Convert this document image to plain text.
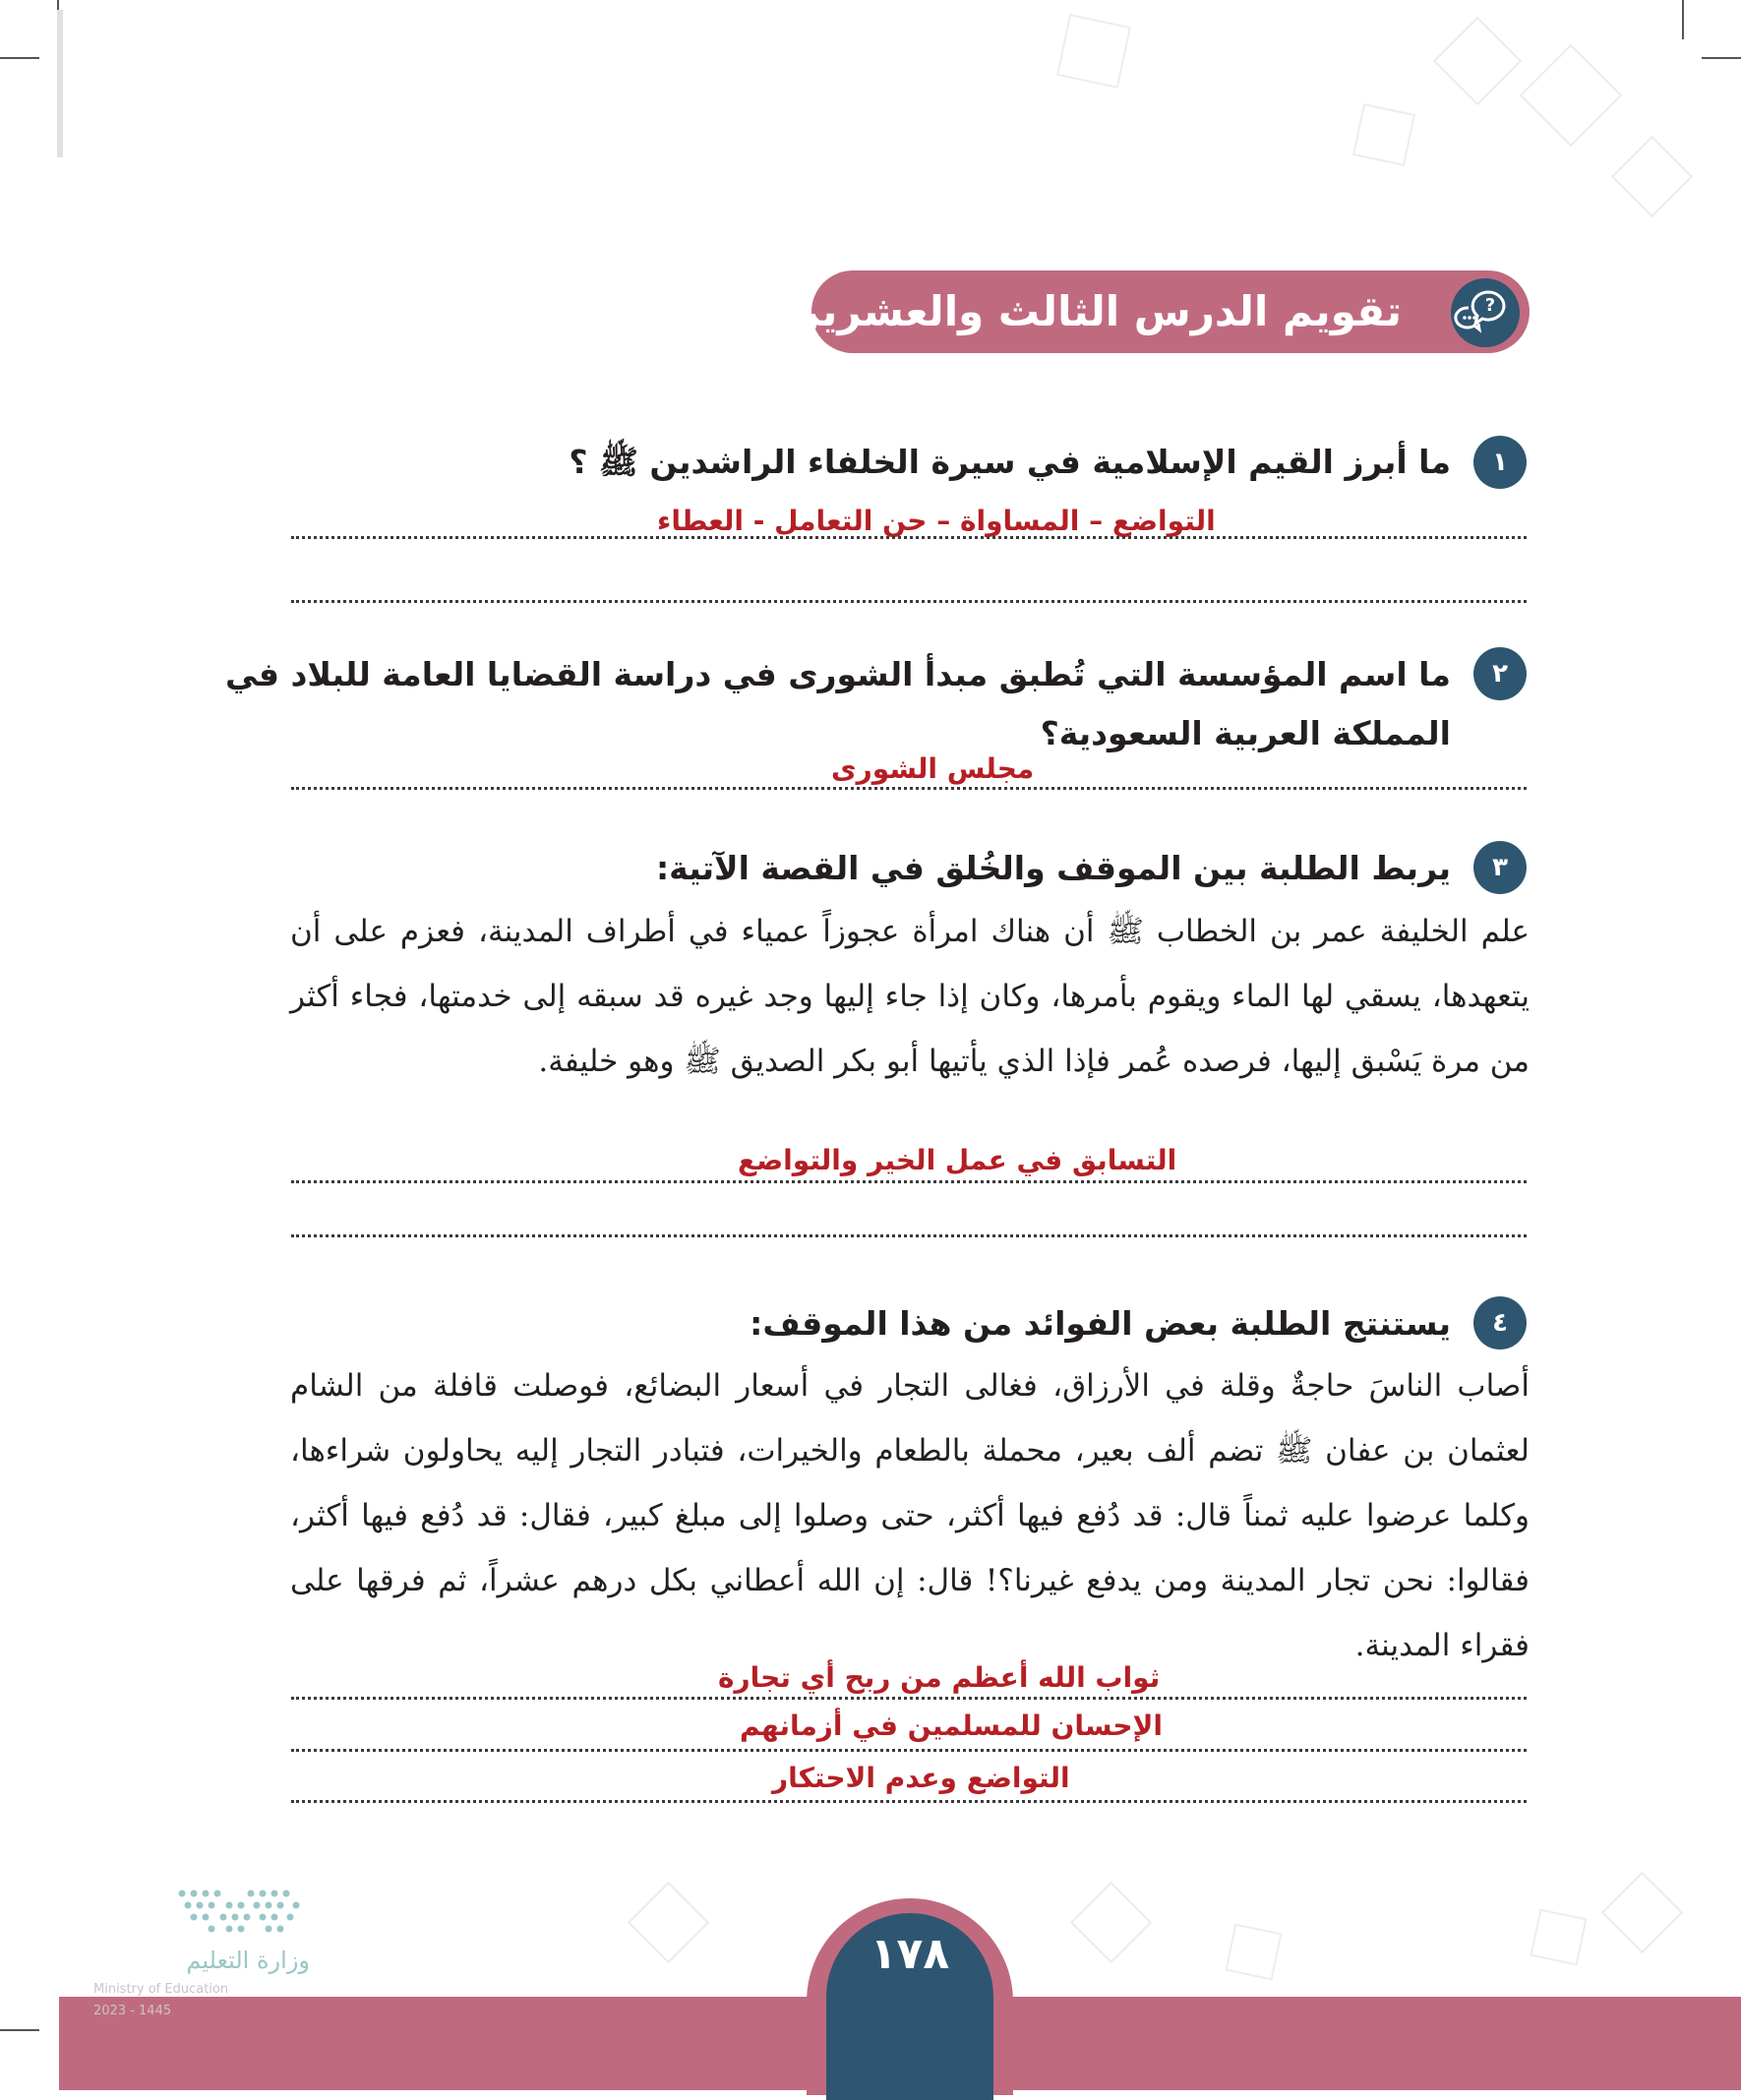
تقويم الدرس الثالث والعشرين	?
١
ما أبرز القيم الإسلامية في سيرة الخلفاء الراشدين ﷺ ؟
التواضع – المساواة – حن التعامل - العطاء
٢
ما اسم المؤسسة التي تُطبق مبدأ الشورى في دراسة القضايا العامة للبلاد في
المملكة العربية السعودية؟
مجلس الشورى
٣
يربط الطلبة بين الموقف والخُلق في القصة الآتية:
علم الخليفة عمر بن الخطاب ﷺ أن هناك امرأة عجوزاً عمياء في أطراف المدينة، فعزم على أن يتعهدها، يسقي لها الماء ويقوم بأمرها، وكان إذا جاء إليها وجد غيره قد سبقه إلى خدمتها، فجاء أكثر من مرة يَسْبق إليها، فرصده عُمر فإذا الذي يأتيها أبو بكر الصديق ﷺ وهو خليفة.
التسابق في عمل الخير والتواضع
٤
يستنتج الطلبة بعض الفوائد من هذا الموقف:
أصاب الناسَ حاجةٌ وقلة في الأرزاق، فغالى التجار في أسعار البضائع، فوصلت قافلة من الشام لعثمان بن عفان ﷺ تضم ألف بعير، محملة بالطعام والخيرات، فتبادر التجار إليه يحاولون شراءها، وكلما عرضوا عليه ثمناً قال: قد دُفع فيها أكثر، حتى وصلوا إلى مبلغ كبير، فقال: قد دُفع فيها أكثر، فقالوا: نحن تجار المدينة ومن يدفع غيرنا؟! قال: إن الله أعطاني بكل درهم عشراً، ثم فرقها على فقراء المدينة.
ثواب الله أعظم من ربح أي تجارة
الإحسان للمسلمين في أزمانهم
التواضع وعدم الاحتكار
١٧٨
وزارة التعليم
Ministry of Education
2023 - 1445
